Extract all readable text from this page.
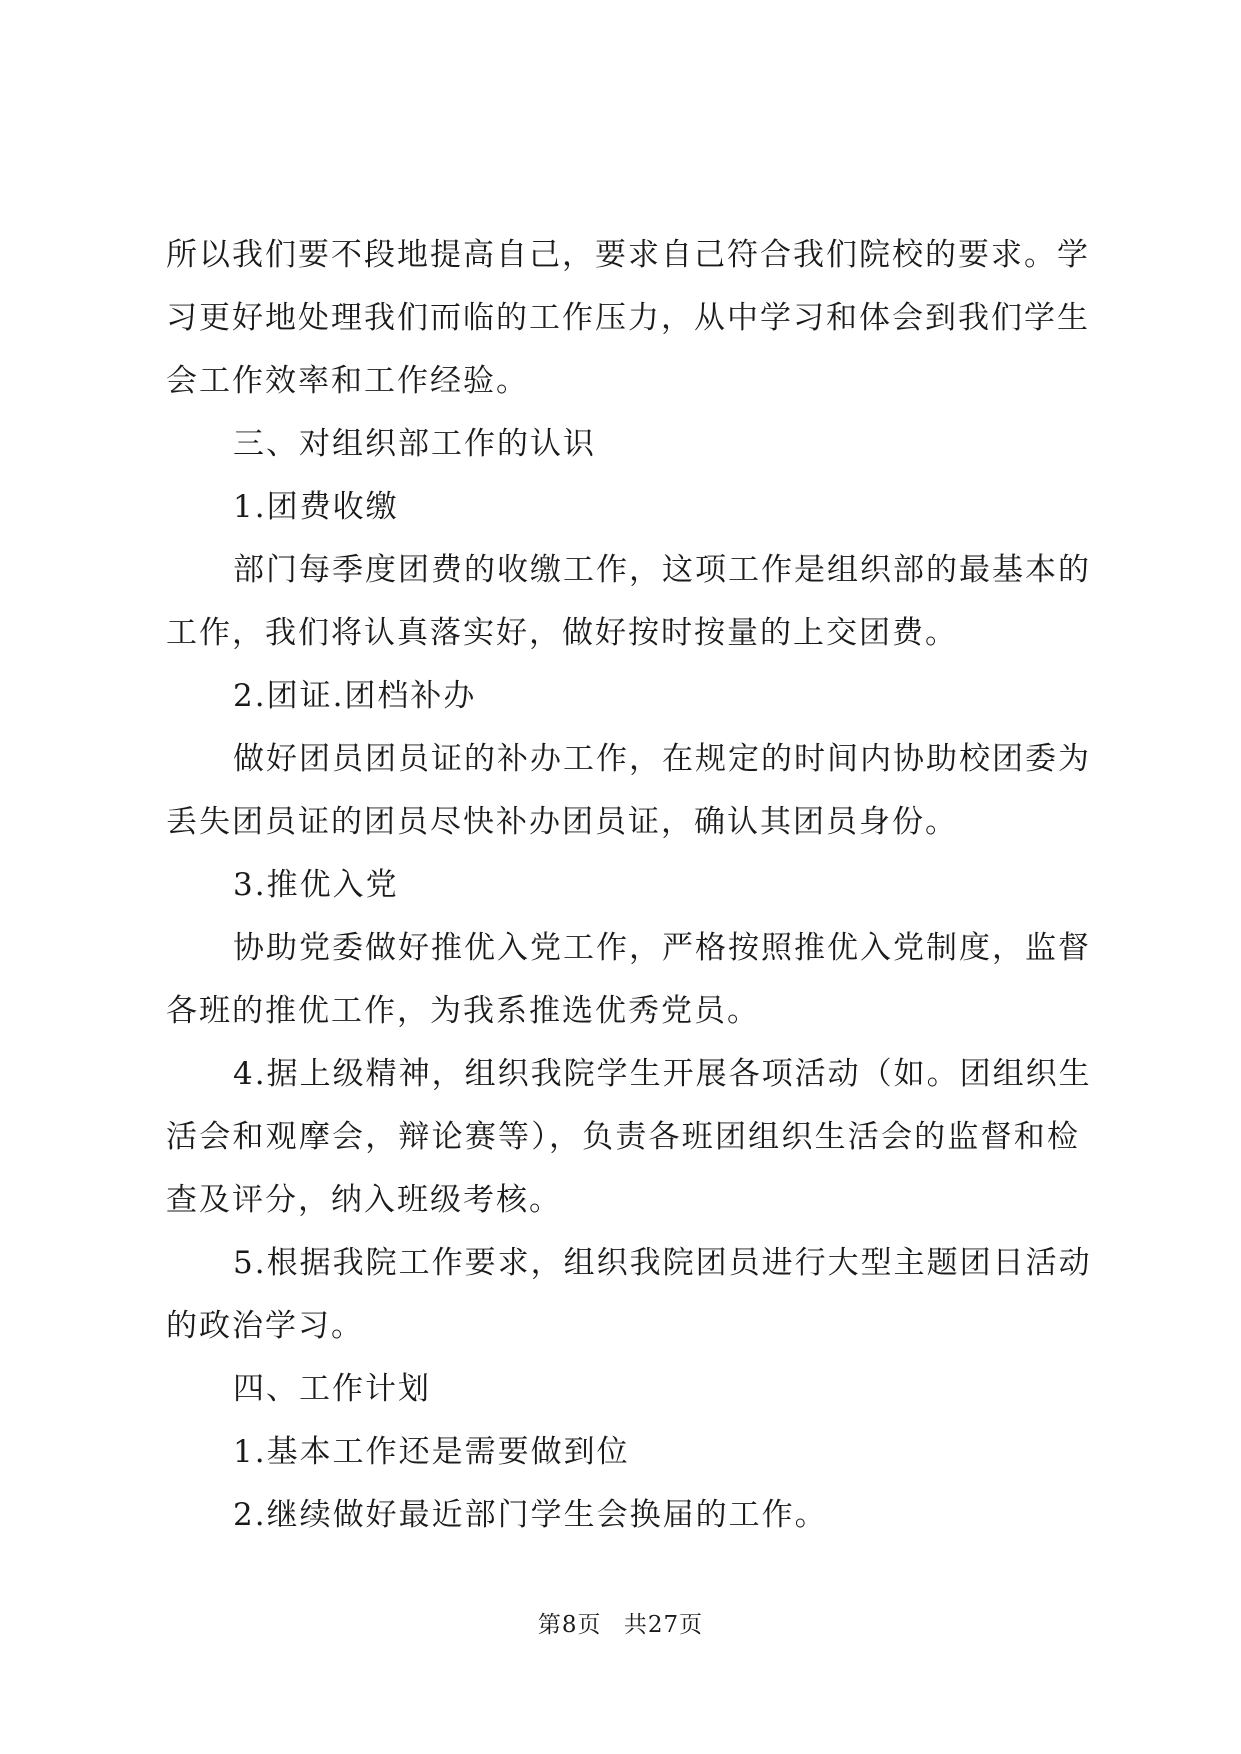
所以我们要不段地提高自己，要求自己符合我们院校的要求。学
习更好地处理我们而临的工作压力，从中学习和体会到我们学生
会工作效率和工作经验。
三、对组织部工作的认识
1.团费收缴
部门每季度团费的收缴工作，这项工作是组织部的最基本的
工作，我们将认真落实好，做好按时按量的上交团费。
2.团证.团档补办
做好团员团员证的补办工作，在规定的时间内协助校团委为
丢失团员证的团员尽快补办团员证，确认其团员身份。
3.推优入党
协助党委做好推优入党工作，严格按照推优入党制度，监督
各班的推优工作，为我系推选优秀党员。
4.据上级精神，组织我院学生开展各项活动（如。团组织生
活会和观摩会，辩论赛等），负责各班团组织生活会的监督和检
查及评分，纳入班级考核。
5.根据我院工作要求，组织我院团员进行大型主题团日活动
的政治学习。
四、工作计划
1.基本工作还是需要做到位
2.继续做好最近部门学生会换届的工作。
第8页 共27页
